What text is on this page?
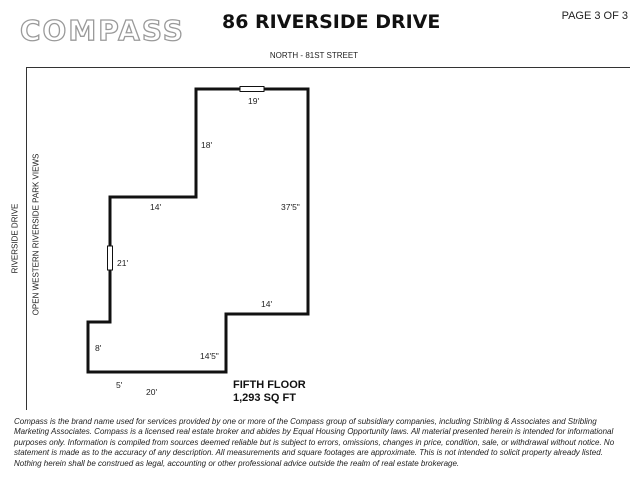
COMPASS 86 RIVERSIDE DRIVE	PAGE 3 OF 3
NORTH - 81ST STREET
RIVERSIDE DRIVE OPEN WESTERN RIVERSIDE PARK VIEWS
19'
18'
37'5"
14'
21'
14'
14'5"
8'
5'
20'
FIFTH FLOOR
1,293 SQ FT
Compass is the brand name used for services provided by one or more of the Compass group of subsidiary companies, including Stribling & Associates and Stribling Marketing Associates. Compass is a licensed real estate broker and abides by Equal Housing Opportunity laws. All material presented herein is intended for informational purposes only. Information is compiled from sources deemed reliable but is subject to errors, omissions, changes in price, condition, sale, or withdrawal without notice. No statement is made as to the accuracy of any description. All measurements and square footages are approximate. This is not intended to solicit property already listed. Nothing herein shall be construed as legal, accounting or other professional advice outside the realm of real estate brokerage.
